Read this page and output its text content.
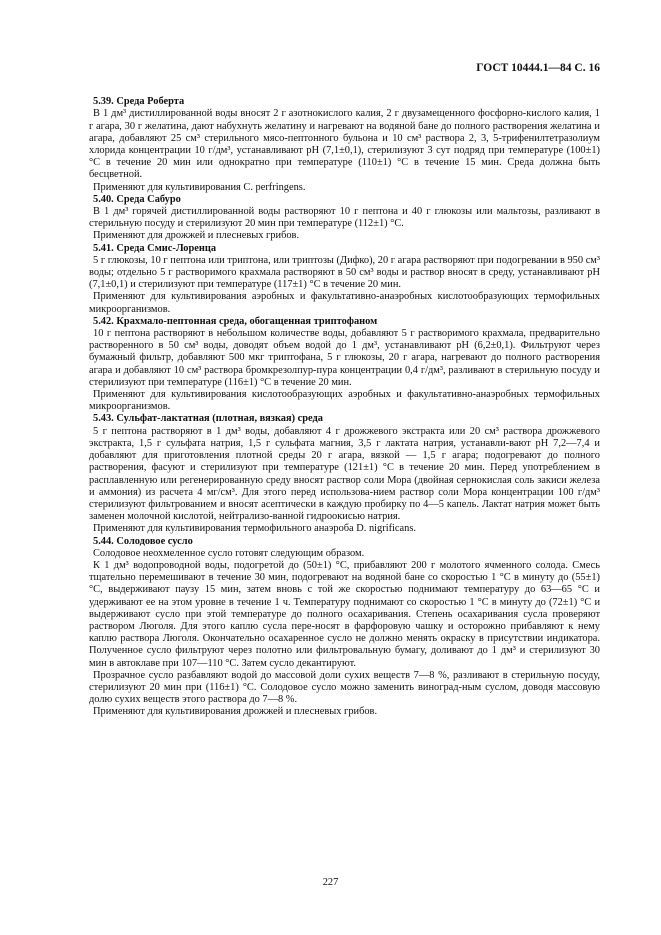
ГОСТ 10444.1—84 С. 16
5.39. Среда Роберта

В 1 дм³ дистиллированной воды вносят 2 г азотнокислого калия, 2 г двузамещенного фосфорно-кислого калия, 1 г агара, 30 г желатина, дают набухнуть желатину и нагревают на водяной бане до полного растворения желатина и агара, добавляют 25 см³ стерильного мясо-пептонного бульона и 10 см³ раствора 2, 3, 5-трифенилтетразолиум хлорида концентрации 10 г/дм³, устанавливают pH (7,1±0,1), стерилизуют 3 сут подряд при температуре (100±1) °С в течение 20 мин или однократно при температуре (110±1) °С в течение 15 мин. Среда должна быть бесцветной.

Применяют для культивирования C. perfringens.

5.40. Среда Сабуро

В 1 дм³ горячей дистиллированной воды растворяют 10 г пептона и 40 г глюкозы или мальтозы, разливают в стерильную посуду и стерилизуют 20 мин при температуре (112±1) °С.

Применяют для дрожжей и плесневых грибов.

5.41. Среда Смис-Лоренца

5 г глюкозы, 10 г пептона или триптона, или триптозы (Дифко), 20 г агара растворяют при подогревании в 950 см³ воды; отдельно 5 г растворимого крахмала растворяют в 50 см³ воды и раствор вносят в среду, устанавливают pH (7,1±0,1) и стерилизуют при температуре (117±1) °С в течение 20 мин.

Применяют для культивирования аэробных и факультативно-анаэробных кислотообразующих термофильных микроорганизмов.

5.42. Крахмало-пептонная среда, обогащенная триптофаном

10 г пептона растворяют в небольшом количестве воды, добавляют 5 г растворимого крахмала, предварительно растворенного в 50 см³ воды, доводят объем водой до 1 дм³, устанавливают pH (6,2±0,1). Фильтруют через бумажный фильтр, добавляют 500 мкг триптофана, 5 г глюкозы, 20 г агара, нагревают до полного растворения агара и добавляют 10 см³ раствора бромкрезолпур-пура концентрации 0,4 г/дм³, разливают в стерильную посуду и стерилизуют при температуре (116±1) °С в течение 20 мин.

Применяют для культивирования кислотообразующих аэробных и факультативно-анаэробных термофильных микроорганизмов.

5.43. Сульфат-лактатная (плотная, вязкая) среда

5 г пептона растворяют в 1 дм³ воды, добавляют 4 г дрожжевого экстракта или 20 см³ раствора дрожжевого экстракта, 1,5 г сульфата натрия, 1,5 г сульфата магния, 3,5 г лактата натрия, устанавли-вают pH 7,2—7,4 и добавляют для приготовления плотной среды 20 г агара, вязкой — 1,5 г агара; подогревают до полного растворения, фасуют и стерилизуют при температуре (121±1) °С в течение 20 мин. Перед употреблением в расплавленную или регенерированную среду вносят раствор соли Мора (двойная сернокислая соль закиси железа и аммония) из расчета 4 мг/см³. Для этого перед использова-нием раствор соли Мора концентрации 100 г/дм³ стерилизуют фильтрованием и вносят асептически в каждую пробирку по 4—5 капель. Лактат натрия может быть заменен молочной кислотой, нейтрализо-ванной гидроокисью натрия.

Применяют для культивирования термофильного анаэроба D. nigrificans.

5.44. Солодовое сусло

Солодовое неохмеленное сусло готовят следующим образом.

К 1 дм³ водопроводной воды, подогретой до (50±1) °С, прибавляют 200 г молотого ячменного солода. Смесь тщательно перемешивают в течение 30 мин, подогревают на водяной бане со скоростью 1 °С в минуту до (55±1) °С, выдерживают паузу 15 мин, затем вновь с той же скоростью поднимают температуру до 63—65 °С и удерживают ее на этом уровне в течение 1 ч. Температуру поднимают со скоростью 1 °С в минуту до (72±1) °С и выдерживают сусло при этой температуре до полного осахаривания. Степень осахаривания сусла проверяют раствором Люголя. Для этого каплю сусла пере-носят в фарфоровую чашку и осторожно прибавляют к нему каплю раствора Люголя. Окончательно осахаренное сусло не должно менять окраску в присутствии индикатора. Полученное сусло фильтруют через полотно или фильтровальную бумагу, доливают до 1 дм³ и стерилизуют 30 мин в автоклаве при 107—110 °С. Затем сусло декантируют.

Прозрачное сусло разбавляют водой до массовой доли сухих веществ 7—8 %, разливают в стерильную посуду, стерилизуют 20 мин при (116±1) °С. Солодовое сусло можно заменить виноград-ным суслом, доводя массовую долю сухих веществ этого раствора до 7—8 %.

Применяют для культивирования дрожжей и плесневых грибов.

227
